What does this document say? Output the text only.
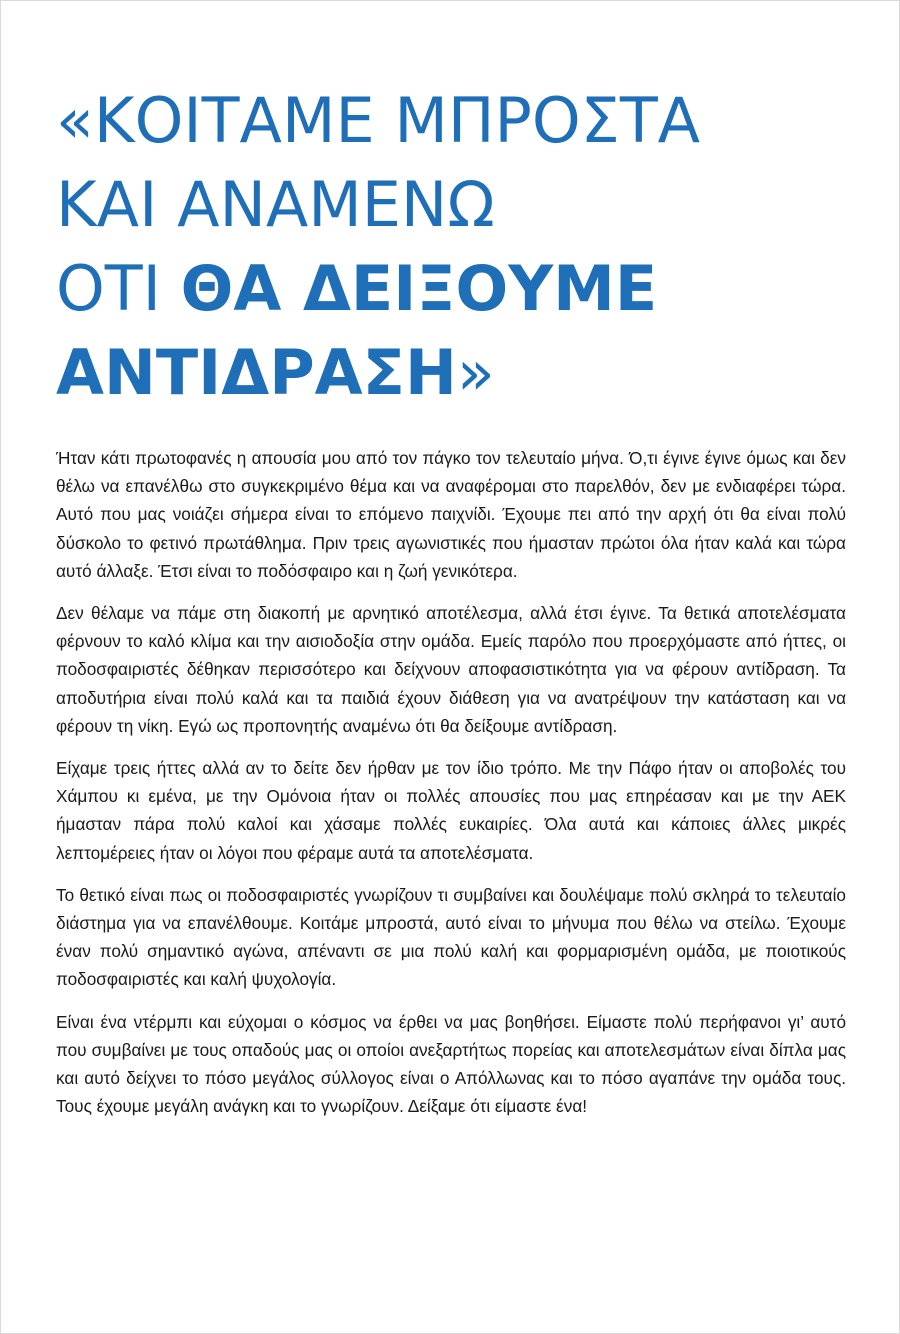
«ΚΟΙΤΑΜΕ ΜΠΡΟΣΤΑ
ΚΑΙ ΑΝΑΜΕΝΩ
ΟΤΙ ΘΑ ΔΕΙΞΟΥΜΕ
ΑΝΤΙΔΡΑΣΗ»

Ήταν κάτι πρωτοφανές η απουσία μου από τον πάγκο τον τελευταίο μήνα. Ό,τι έγινε έγινε όμως και δεν θέλω να επανέλθω στο συγκεκριμένο θέμα και να αναφέρομαι στο παρελθόν, δεν με ενδιαφέρει τώρα. Αυτό που μας νοιάζει σήμερα είναι το επόμενο παιχνίδι. Έχουμε πει από την αρχή ότι θα είναι πολύ δύσκολο το φετινό πρωτάθλημα. Πριν τρεις αγωνιστικές που ήμασταν πρώτοι όλα ήταν καλά και τώρα αυτό άλλαξε. Έτσι είναι το ποδόσφαιρο και η ζωή γενικότερα.

Δεν θέλαμε να πάμε στη διακοπή με αρνητικό αποτέλεσμα, αλλά έτσι έγινε. Τα θετικά αποτελέσματα φέρνουν το καλό κλίμα και την αισιοδοξία στην ομάδα. Εμείς παρόλο που προερχόμαστε από ήττες, οι ποδοσφαιριστές δέθηκαν περισσότερο και δείχνουν αποφασιστικότητα για να φέρουν αντίδραση. Τα αποδυτήρια είναι πολύ καλά και τα παιδιά έχουν διάθεση για να ανατρέψουν την κατάσταση και να φέρουν τη νίκη. Εγώ ως προπονητής αναμένω ότι θα δείξουμε αντίδραση.

Είχαμε τρεις ήττες αλλά αν το δείτε δεν ήρθαν με τον ίδιο τρόπο. Με την Πάφο ήταν οι αποβολές του Χάμπου κι εμένα, με την Ομόνοια ήταν οι πολλές απουσίες που μας επηρέασαν και με την ΑΕΚ ήμασταν πάρα πολύ καλοί και χάσαμε πολλές ευκαιρίες. Όλα αυτά και κάποιες άλλες μικρές λεπτομέρειες ήταν οι λόγοι που φέραμε αυτά τα αποτελέσματα.

Το θετικό είναι πως οι ποδοσφαιριστές γνωρίζουν τι συμβαίνει και δουλέψαμε πολύ σκληρά το τελευταίο διάστημα για να επανέλθουμε. Κοιτάμε μπροστά, αυτό είναι το μήνυμα που θέλω να στείλω. Έχουμε έναν πολύ σημαντικό αγώνα, απέναντι σε μια πολύ καλή και φορμαρισμένη ομάδα, με ποιοτικούς ποδοσφαιριστές και καλή ψυχολογία.

Είναι ένα ντέρμπι και εύχομαι ο κόσμος να έρθει να μας βοηθήσει. Είμαστε πολύ περήφανοι γι’ αυτό που συμβαίνει με τους οπαδούς μας οι οποίοι ανεξαρτήτως πορείας και αποτελεσμάτων είναι δίπλα μας και αυτό δείχνει το πόσο μεγάλος σύλλογος είναι ο Απόλλωνας και το πόσο αγαπάνε την ομάδα τους. Τους έχουμε μεγάλη ανάγκη και το γνωρίζουν. Δείξαμε ότι είμαστε ένα!
